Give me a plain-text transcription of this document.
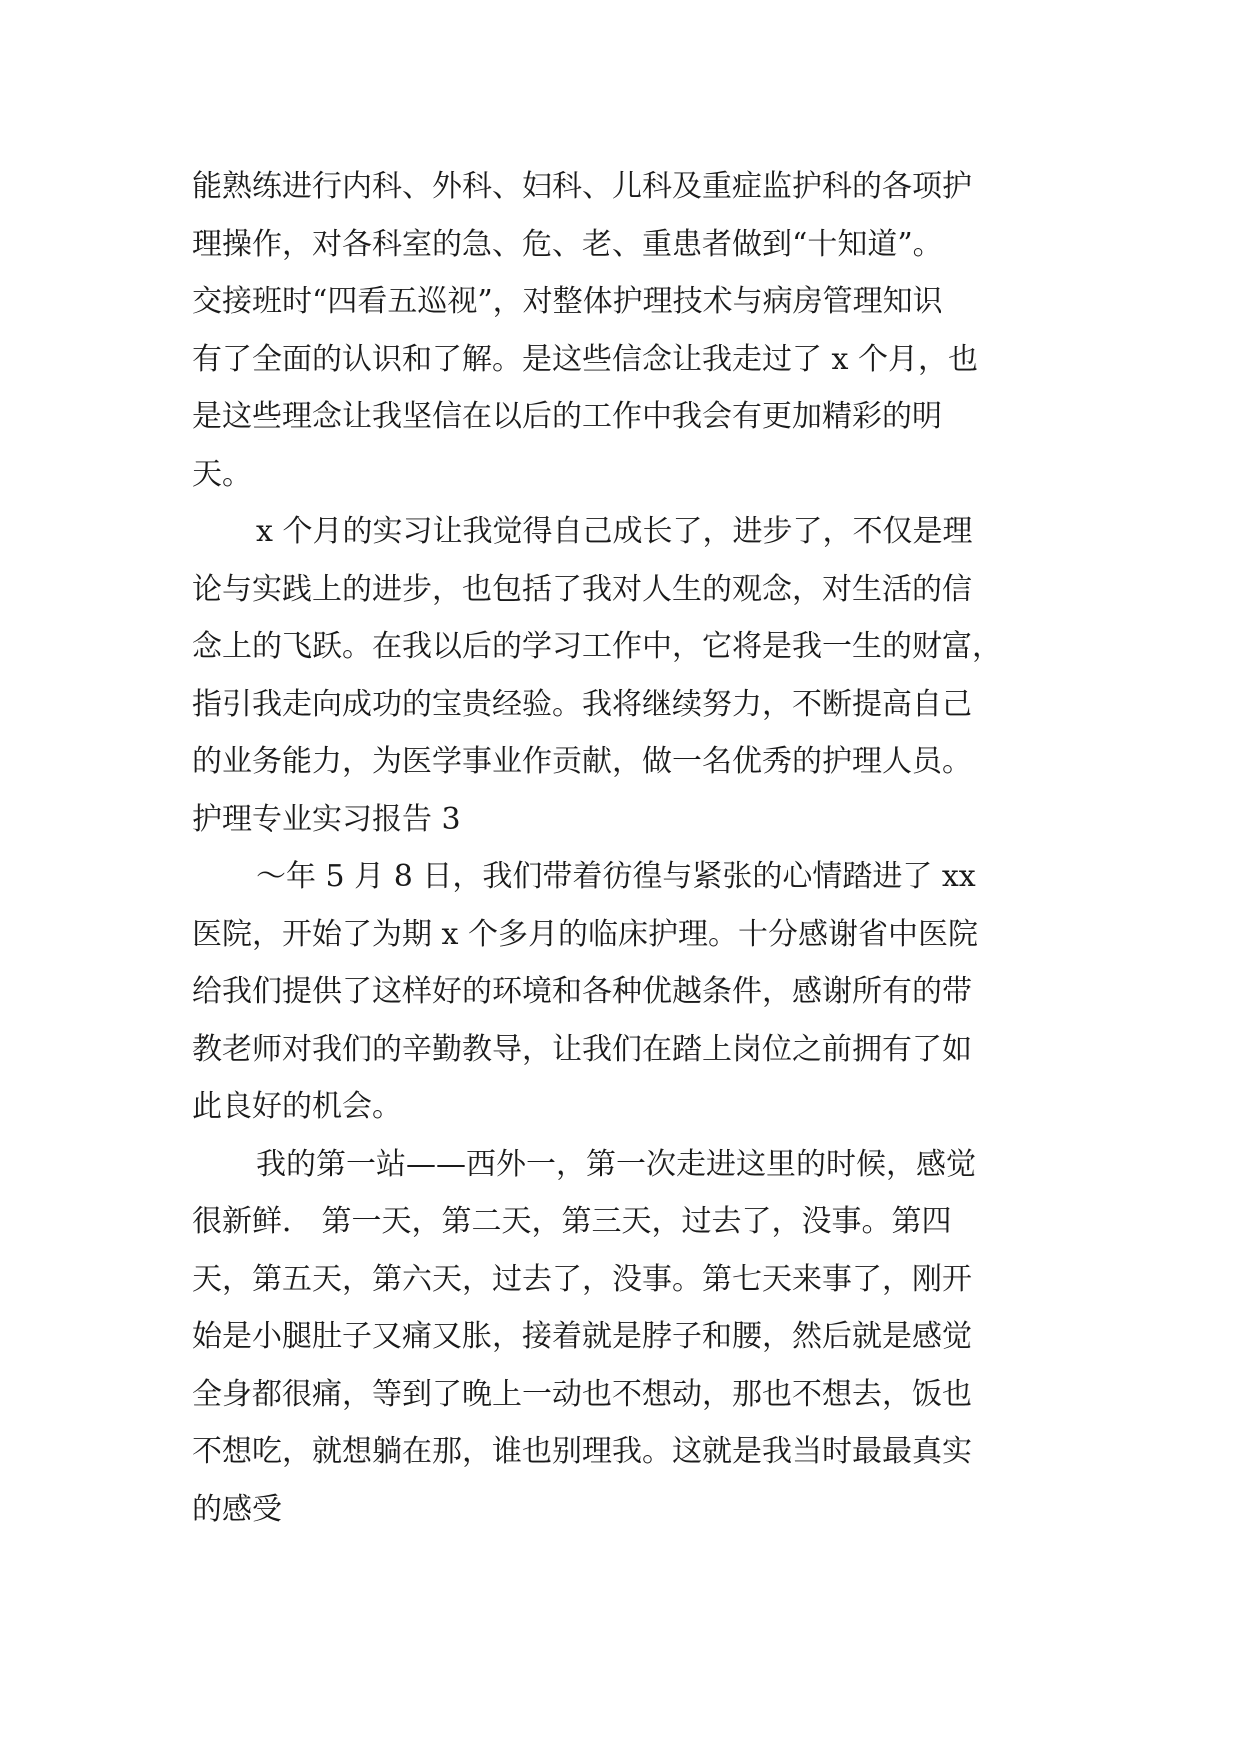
能熟练进行内科、外科、妇科、儿科及重症监护科的各项护

理操作，对各科室的急、危、老、重患者做到“十知道”。

交接班时“四看五巡视”，对整体护理技术与病房管理知识

有了全面的认识和了解。是这些信念让我走过了 x 个月，也

是这些理念让我坚信在以后的工作中我会有更加精彩的明

天。

x 个月的实习让我觉得自己成长了，进步了，不仅是理

论与实践上的进步，也包括了我对人生的观念，对生活的信

念上的飞跃。在我以后的学习工作中，它将是我一生的财富，

指引我走向成功的宝贵经验。我将继续努力，不断提高自己

的业务能力，为医学事业作贡献，做一名优秀的护理人员。

护理专业实习报告 3

～年 5 月 8 日，我们带着彷徨与紧张的心情踏进了 xx

医院，开始了为期 x 个多月的临床护理。十分感谢省中医院

给我们提供了这样好的环境和各种优越条件，感谢所有的带

教老师对我们的辛勤教导，让我们在踏上岗位之前拥有了如

此良好的机会。

我的第一站——西外一，第一次走进这里的时候，感觉

很新鲜． 第一天，第二天，第三天，过去了，没事。第四

天，第五天，第六天，过去了，没事。第七天来事了，刚开

始是小腿肚子又痛又胀，接着就是脖子和腰，然后就是感觉

全身都很痛，等到了晚上一动也不想动，那也不想去，饭也

不想吃，就想躺在那，谁也别理我。这就是我当时最最真实

的感受
